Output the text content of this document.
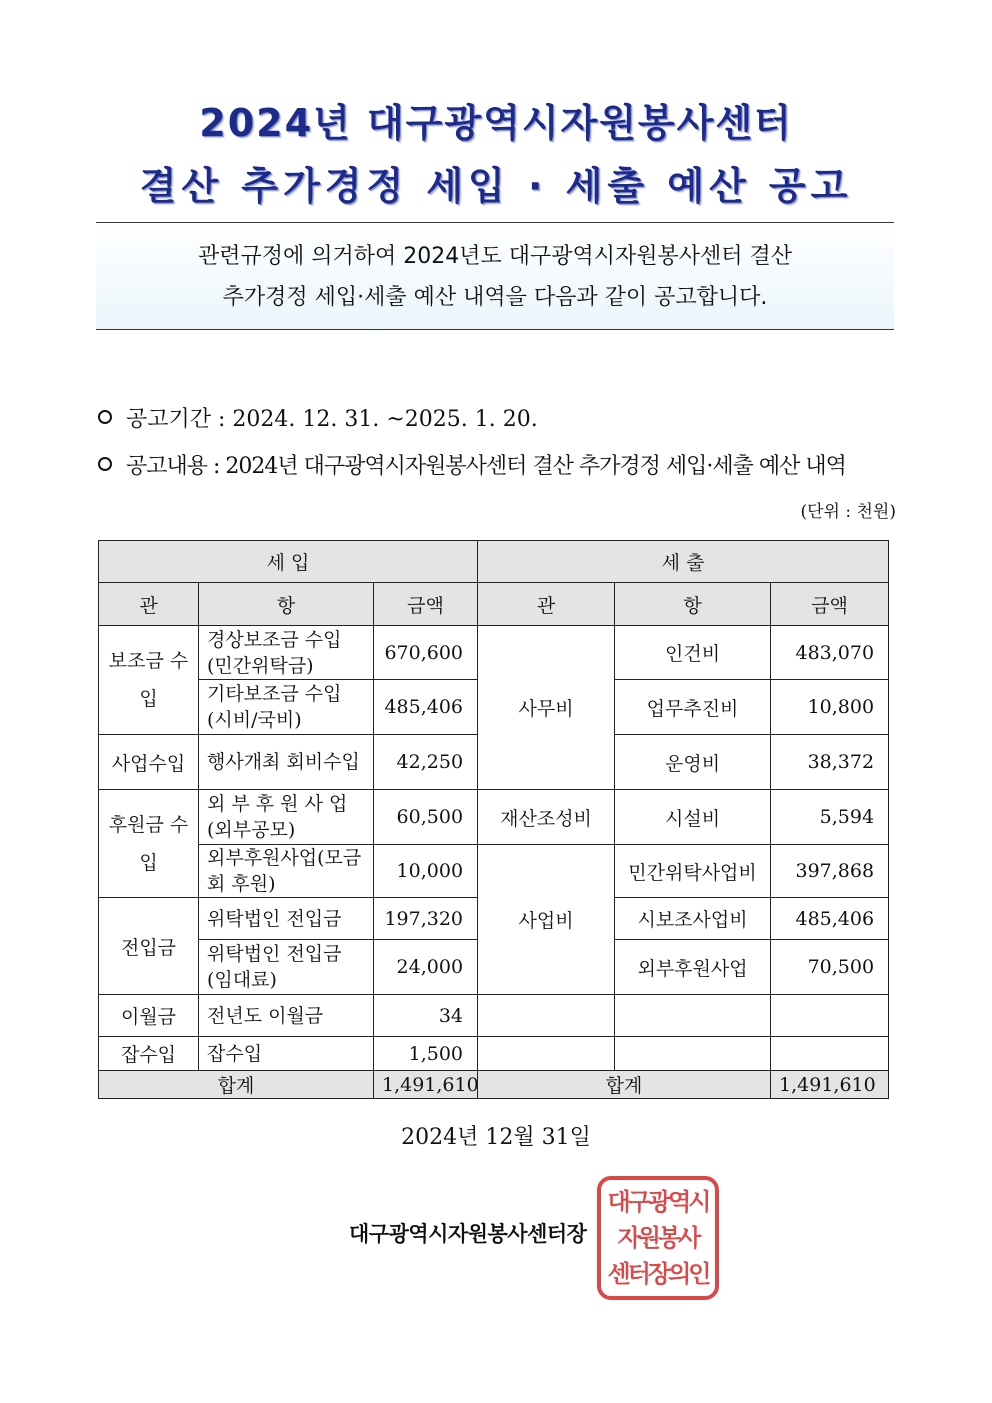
2024년 대구광역시자원봉사센터
결산 추가경정 세입 · 세출 예산 공고
관련규정에 의거하여 2024년도 대구광역시자원봉사센터 결산
추가경정 세입·세출 예산 내역을 다음과 같이 공고합니다.
공고기간 : 2024. 12. 31. ~2025. 1. 20.
공고내용 : 2024년 대구광역시자원봉사센터 결산 추가경정 세입·세출 예산 내역
(단위 : 천원)
세 입			세 출		
관	항	금액	관	항	금액
보조금 수입	경상보조금 수입(민간위탁금)	670,600	사무비	인건비	483,070
	기타보조금 수입(시비/국비)	485,406		업무추진비	10,800
사업수입	행사개최 회비수입	42,250		운영비	38,372
후원금 수입	외 부 후 원 사 업(외부공모)	60,500	재산조성비	시설비	5,594
	외부후원사업(모금회 후원)	10,000	사업비	민간위탁사업비	397,868
전입금	위탁법인 전입금	197,320		시보조사업비	485,406
	위탁법인 전입금(임대료)	24,000		외부후원사업	70,500
이월금	전년도 이월금	34			
잡수입	잡수입	1,500			
합계		1,491,610	합계		1,491,610
2024년 12월 31일
대구광역시자원봉사센터장
대구광역시
자원봉사
센터장의인
